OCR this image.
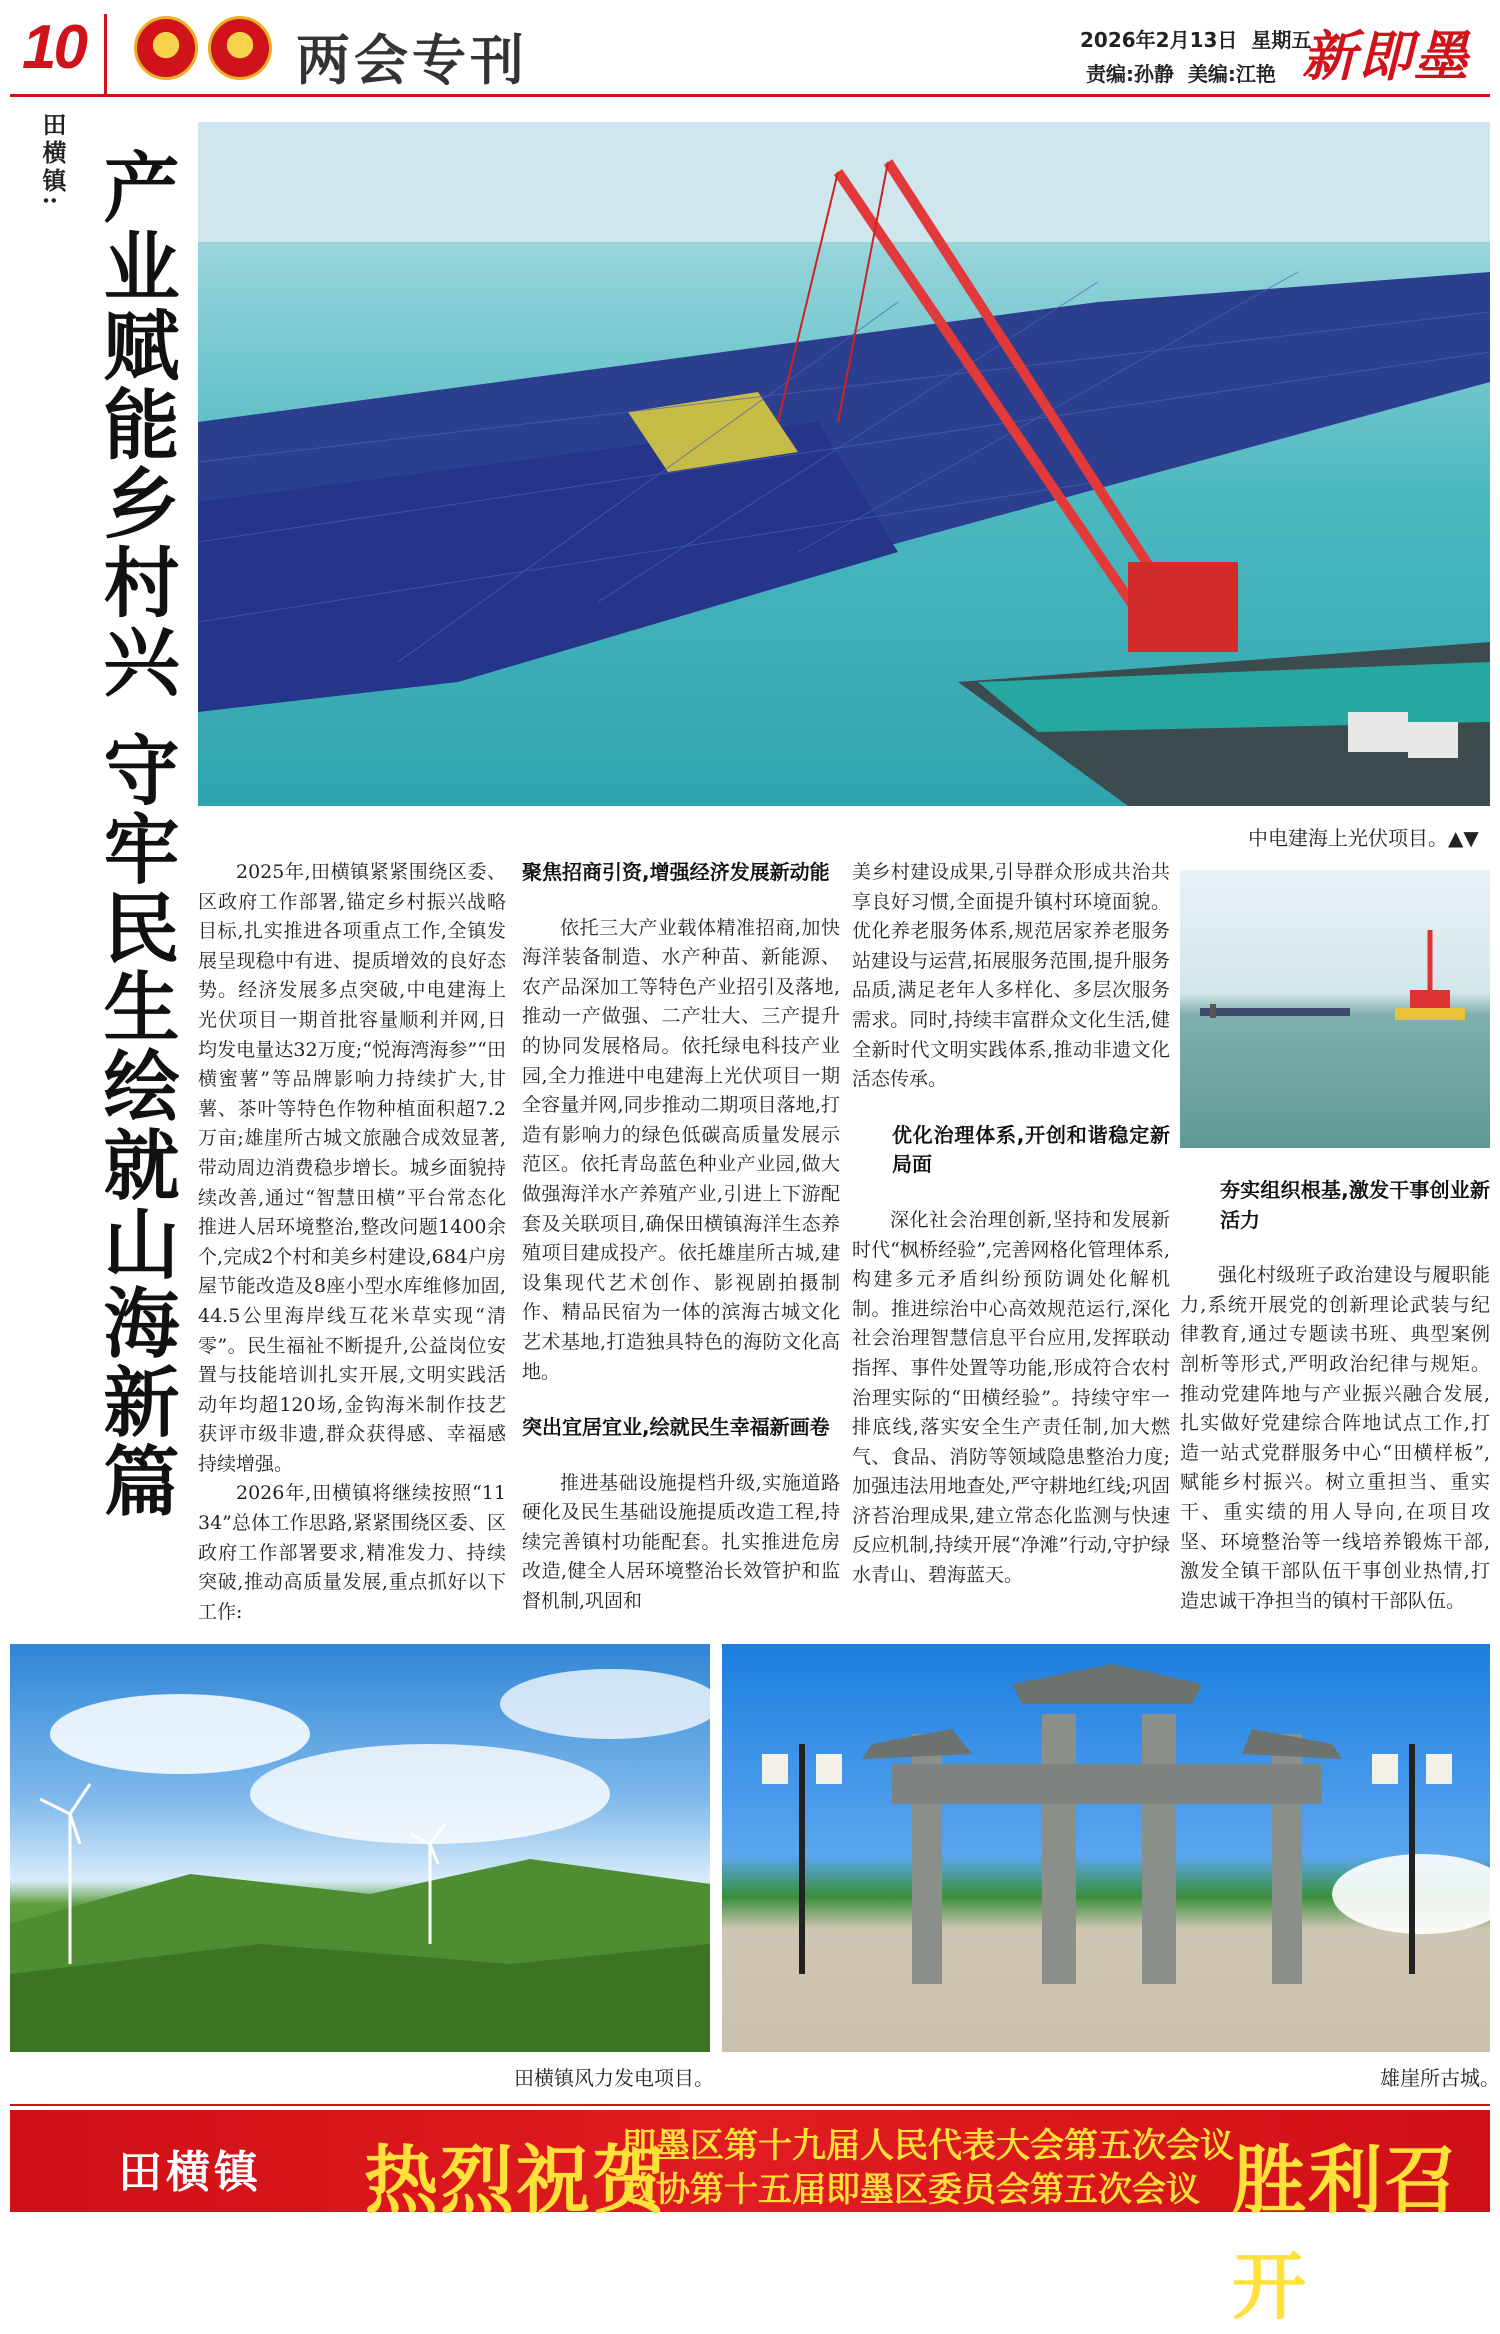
10	两会专刊	2026年2月13日  星期五
责编:孙静  美编:江艳 新即墨
田横镇: 产业赋能乡村兴 守牢民生绘就山海新篇	中电建海上光伏项目。▲▼

2025年,田横镇紧紧围绕区委、区政府工作部署,锚定乡村振兴战略目标,扎实推进各项重点工作,全镇发展呈现稳中有进、提质增效的良好态势。经济发展多点突破,中电建海上光伏项目一期首批容量顺利并网,日均发电量达32万度;“悦海湾海参”“田横蜜薯”等品牌影响力持续扩大,甘薯、茶叶等特色作物种植面积超7.2万亩;雄崖所古城文旅融合成效显著,带动周边消费稳步增长。城乡面貌持续改善,通过“智慧田横”平台常态化推进人居环境整治,整改问题1400余个,完成2个村和美乡村建设,684户房屋节能改造及8座小型水库维修加固,44.5公里海岸线互花米草实现“清零”。民生福祉不断提升,公益岗位安置与技能培训扎实开展,文明实践活动年均超120场,金钩海米制作技艺获评市级非遗,群众获得感、幸福感持续增强。

2026年,田横镇将继续按照“1134”总体工作思路,紧紧围绕区委、区政府工作部署要求,精准发力、持续突破,推动高质量发展,重点抓好以下工作:

聚焦招商引资,增强经济发展新动能

依托三大产业载体精准招商,加快海洋装备制造、水产种苗、新能源、农产品深加工等特色产业招引及落地,推动一产做强、二产壮大、三产提升的协同发展格局。依托绿电科技产业园,全力推进中电建海上光伏项目一期全容量并网,同步推动二期项目落地,打造有影响力的绿色低碳高质量发展示范区。依托青岛蓝色种业产业园,做大做强海洋水产养殖产业,引进上下游配套及关联项目,确保田横镇海洋生态养殖项目建成投产。依托雄崖所古城,建设集现代艺术创作、影视剧拍摄制作、精品民宿为一体的滨海古城文化艺术基地,打造独具特色的海防文化高地。

突出宜居宜业,绘就民生幸福新画卷

推进基础设施提档升级,实施道路硬化及民生基础设施提质改造工程,持续完善镇村功能配套。扎实推进危房改造,健全人居环境整治长效管护和监督机制,巩固和

美乡村建设成果,引导群众形成共治共享良好习惯,全面提升镇村环境面貌。优化养老服务体系,规范居家养老服务站建设与运营,拓展服务范围,提升服务品质,满足老年人多样化、多层次服务需求。同时,持续丰富群众文化生活,健全新时代文明实践体系,推动非遗文化活态传承。

优化治理体系,开创和谐稳定新局面

深化社会治理创新,坚持和发展新时代“枫桥经验”,完善网格化管理体系,构建多元矛盾纠纷预防调处化解机制。推进综治中心高效规范运行,深化社会治理智慧信息平台应用,发挥联动指挥、事件处置等功能,形成符合农村治理实际的“田横经验”。持续守牢一排底线,落实安全生产责任制,加大燃气、食品、消防等领域隐患整治力度;加强违法用地查处,严守耕地红线;巩固济苔治理成果,建立常态化监测与快速反应机制,持续开展“净滩”行动,守护绿水青山、碧海蓝天。

夯实组织根基,激发干事创业新活力

强化村级班子政治建设与履职能力,系统开展党的创新理论武装与纪律教育,通过专题读书班、典型案例剖析等形式,严明政治纪律与规矩。推动党建阵地与产业振兴融合发展,扎实做好党建综合阵地试点工作,打造一站式党群服务中心“田横样板”,赋能乡村振兴。树立重担当、重实干、重实绩的用人导向,在项目攻坚、环境整治等一线培养锻炼干部,激发全镇干部队伍干事创业热情,打造忠诚干净担当的镇村干部队伍。

田横镇风力发电项目。	雄崖所古城。
田横镇 热烈祝贺
即墨区第十九届人民代表大会第五次会议
政协第十五届即墨区委员会第五次会议 胜利召开
